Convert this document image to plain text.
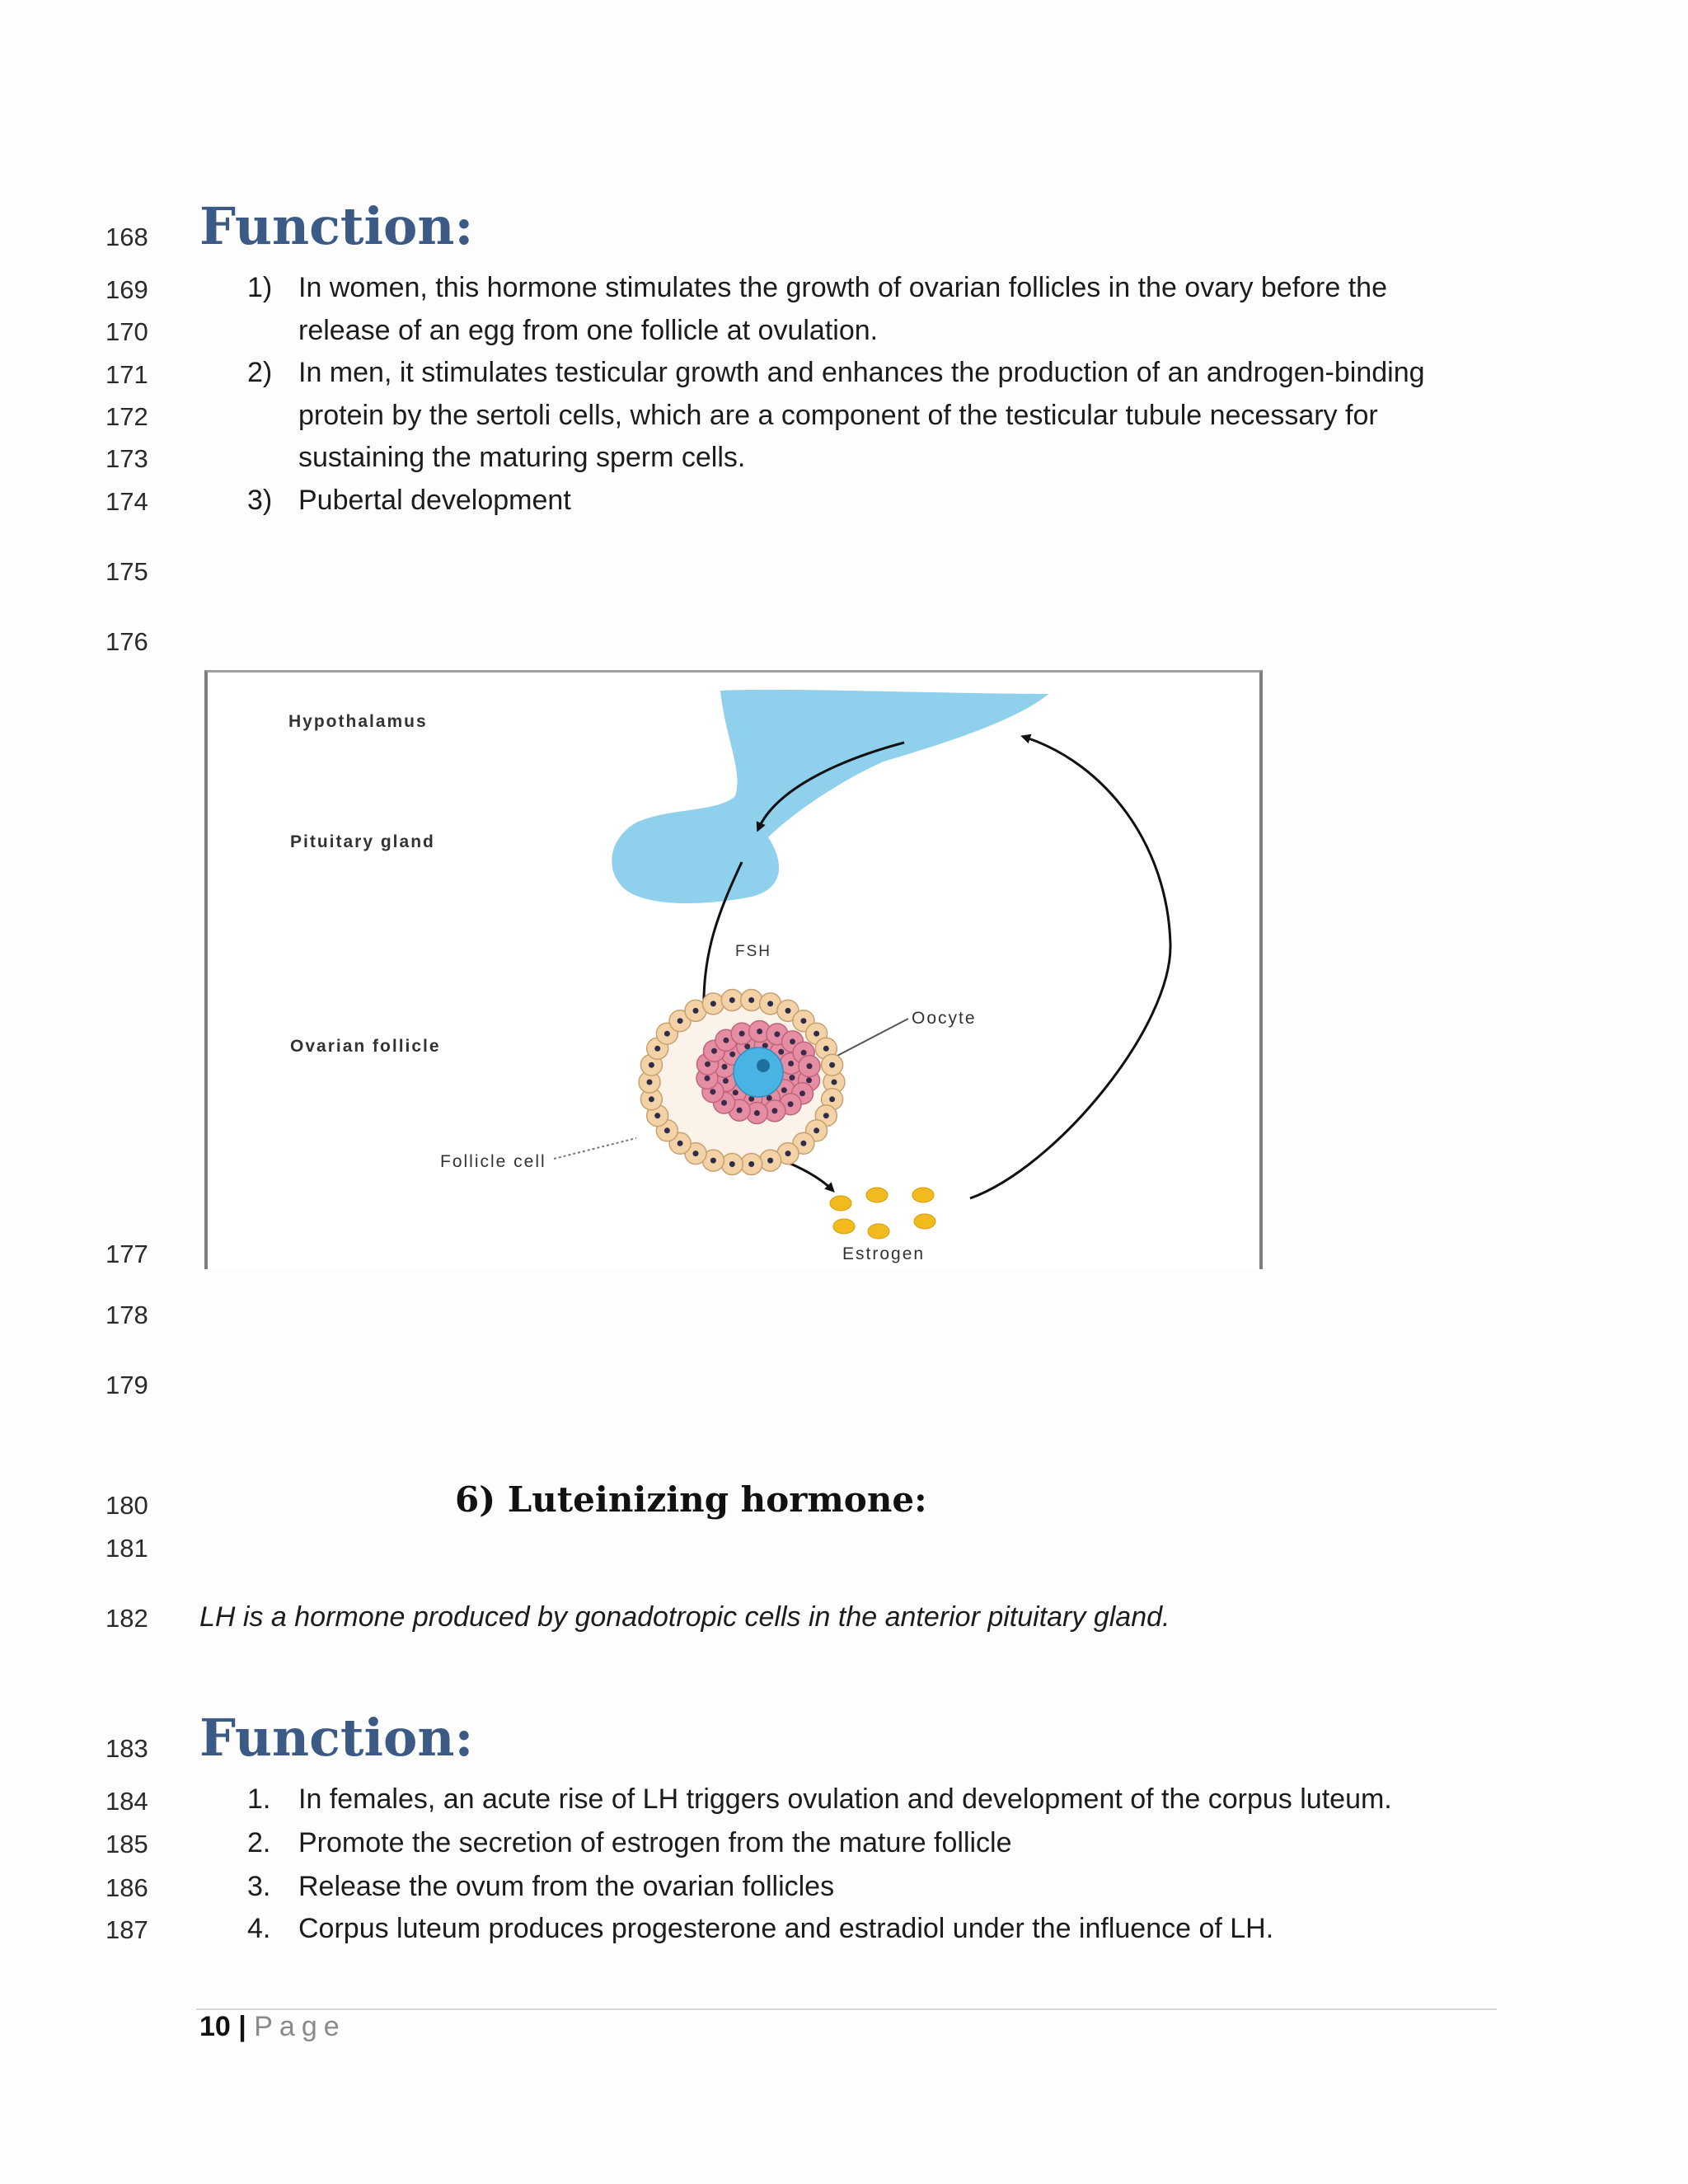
168
169
170
171
172
173
174
175
176
177
178
179
180
181
182
183
184
185
186
187
Function:
1) In women, this hormone stimulates the growth of ovarian follicles in the ovary before the
release of an egg from one follicle at ovulation.
2) In men, it stimulates testicular growth and enhances the production of an androgen-binding
protein by the sertoli cells, which are a component of the testicular tubule necessary for
sustaining the maturing sperm cells.
3) Pubertal development
Hypothalamus
Pituitary gland
FSH
Oocyte
Ovarian follicle
Follicle cell
Estrogen
6) Luteinizing hormone:
LH is a hormone produced by gonadotropic cells in the anterior pituitary gland.
Function:
1. In females, an acute rise of LH triggers ovulation and development of the corpus luteum.
2. Promote the secretion of estrogen from the mature follicle
3. Release the ovum from the ovarian follicles
4. Corpus luteum produces progesterone and estradiol under the influence of LH.
10 | Page
